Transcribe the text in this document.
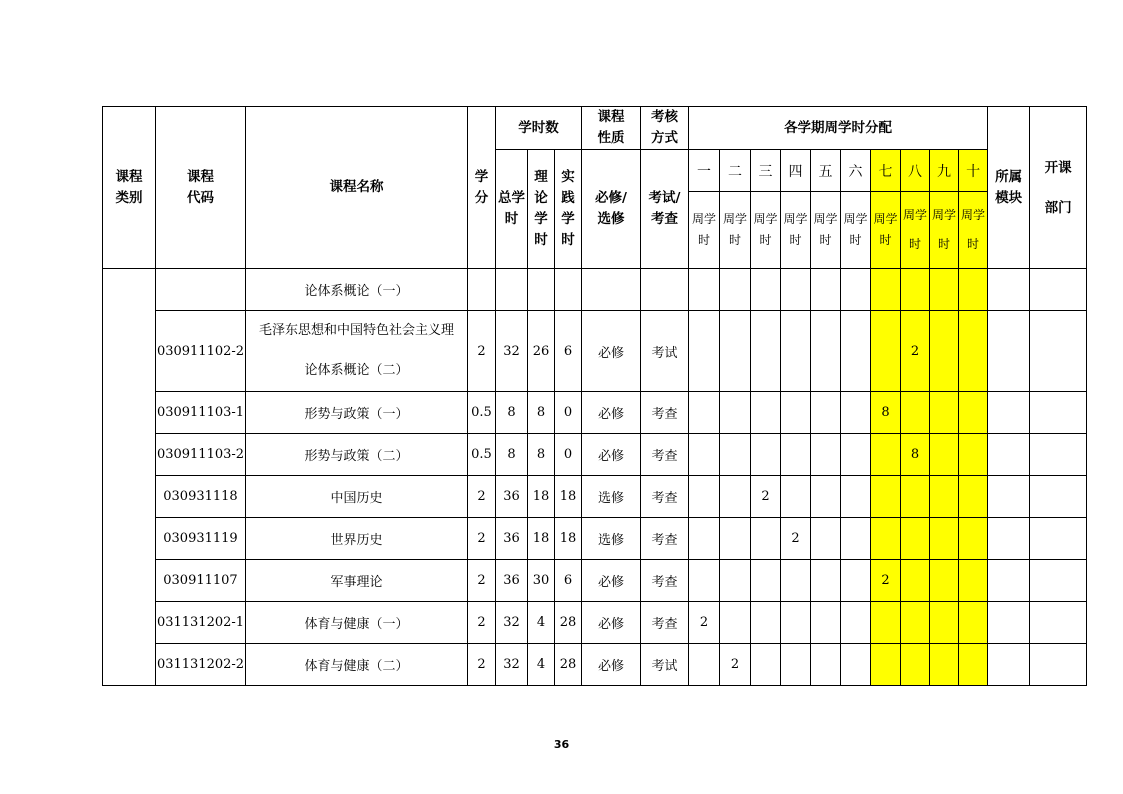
课程类别	课程代码	课程名称	学分	学时数			课程性质	考核方式	各学期周学时分配										所属模块	开课部门
				总学时	理论学时	实践学时	必修/选修	考试/考查	一	二	三	四	五	六	七	八	九	十		
									周学时	周学时	周学时	周学时	周学时	周学时	周学时	周学时	周学时	周学时		
		论体系概论（一）																		
	030911102-2	毛泽东思想和中国特色社会主义理
论体系概论（二）	2	32	26	6	必修	考试								2				
	030911103-1	形势与政策（一）	0.5	8	8	0	必修	考查							8					
	030911103-2	形势与政策（二）	0.5	8	8	0	必修	考查								8				
	030931118	中国历史	2	36	18	18	选修	考查			2									
	030931119	世界历史	2	36	18	18	选修	考查				2								
	030911107	军事理论	2	36	30	6	必修	考查							2					
	031131202-1	体育与健康（一）	2	32	4	28	必修	考查	2											
	031131202-2	体育与健康（二）	2	32	4	28	必修	考试		2										
36
